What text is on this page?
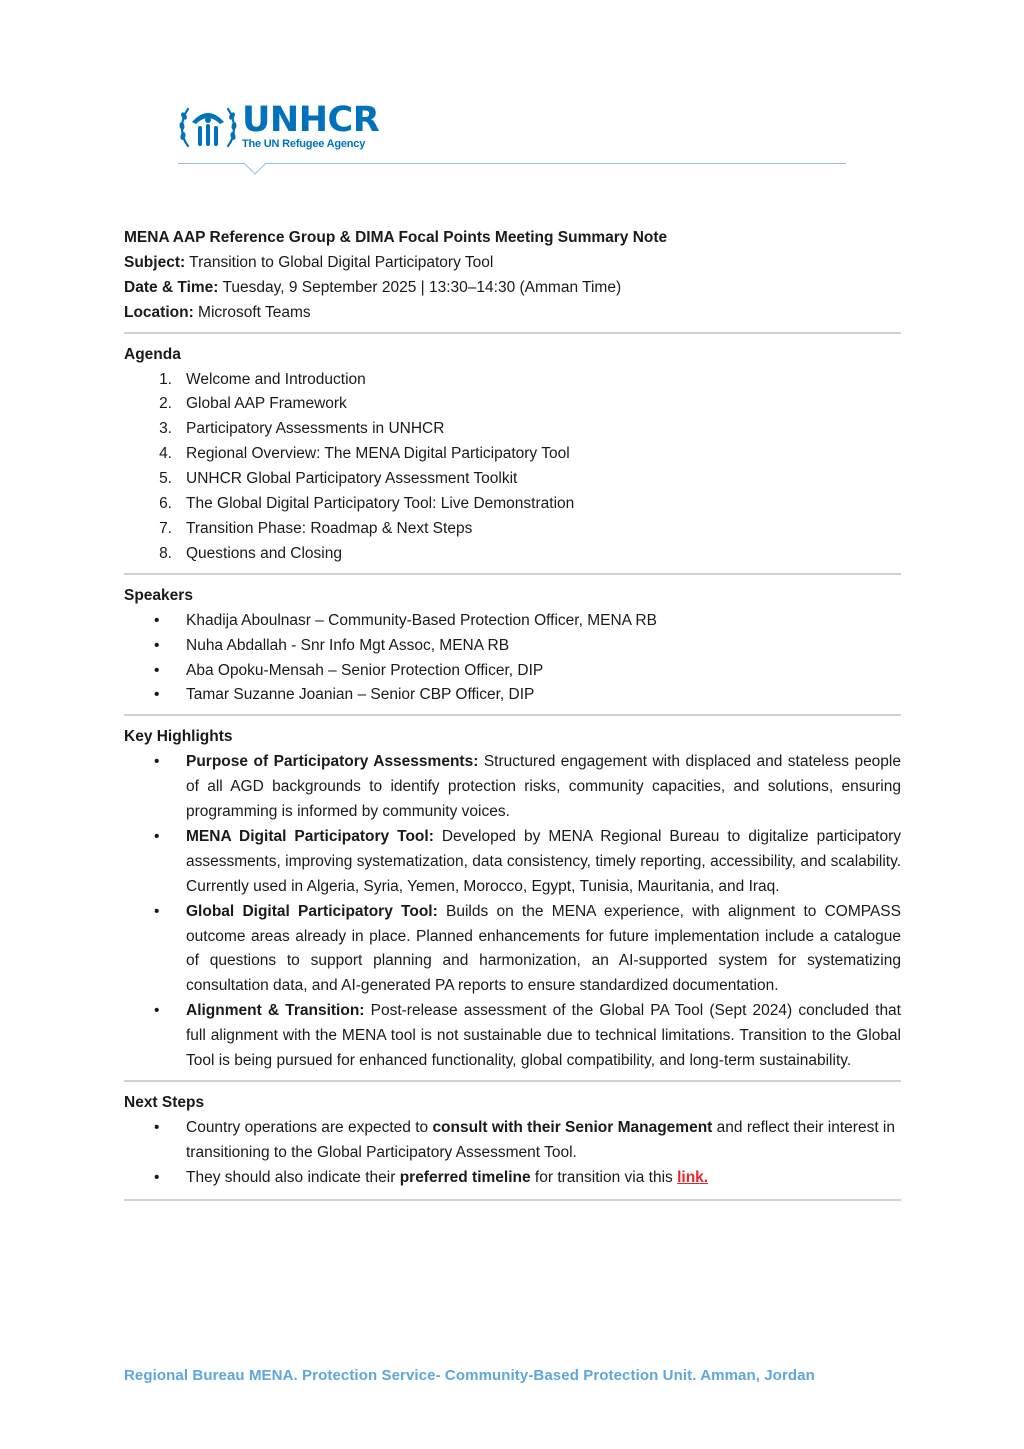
UNHCR
The UN Refugee Agency
MENA AAP Reference Group & DIMA Focal Points Meeting Summary Note
Subject: Transition to Global Digital Participatory Tool
Date & Time: Tuesday, 9 September 2025 | 13:30–14:30 (Amman Time)
Location: Microsoft Teams
Agenda
1. Welcome and Introduction
2. Global AAP Framework
3. Participatory Assessments in UNHCR
4. Regional Overview: The MENA Digital Participatory Tool
5. UNHCR Global Participatory Assessment Toolkit
6. The Global Digital Participatory Tool: Live Demonstration
7. Transition Phase: Roadmap & Next Steps
8. Questions and Closing
Speakers
• Khadija Aboulnasr – Community-Based Protection Officer, MENA RB
• Nuha Abdallah - Snr Info Mgt Assoc, MENA RB
• Aba Opoku-Mensah – Senior Protection Officer, DIP
• Tamar Suzanne Joanian – Senior CBP Officer, DIP
Key Highlights
• Purpose of Participatory Assessments: Structured engagement with displaced and stateless people of all AGD backgrounds to identify protection risks, community capacities, and solutions, ensuring programming is informed by community voices.
• MENA Digital Participatory Tool: Developed by MENA Regional Bureau to digitalize participatory assessments, improving systematization, data consistency, timely reporting, accessibility, and scalability. Currently used in Algeria, Syria, Yemen, Morocco, Egypt, Tunisia, Mauritania, and Iraq.
• Global Digital Participatory Tool: Builds on the MENA experience, with alignment to COMPASS outcome areas already in place. Planned enhancements for future implementation include a catalogue of questions to support planning and harmonization, an AI-supported system for systematizing consultation data, and AI-generated PA reports to ensure standardized documentation.
• Alignment & Transition: Post-release assessment of the Global PA Tool (Sept 2024) concluded that full alignment with the MENA tool is not sustainable due to technical limitations. Transition to the Global Tool is being pursued for enhanced functionality, global compatibility, and long-term sustainability.
Next Steps
• Country operations are expected to consult with their Senior Management and reflect their interest in transitioning to the Global Participatory Assessment Tool.
• They should also indicate their preferred timeline for transition via this link.
Regional Bureau MENA. Protection Service- Community-Based Protection Unit. Amman, Jordan
